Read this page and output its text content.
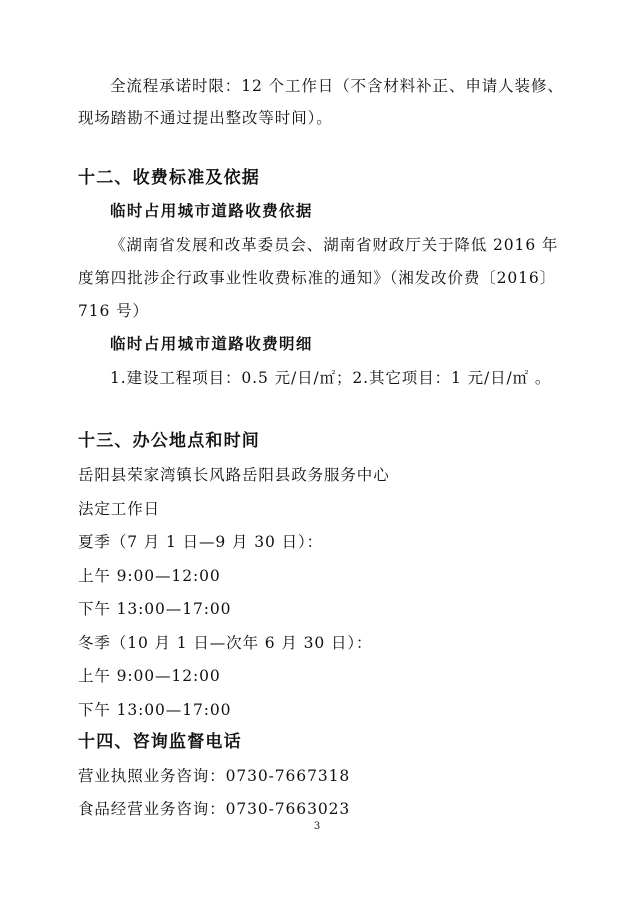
全流程承诺时限：12 个工作日（不含材料补正、申请人装修、
现场踏勘不通过提出整改等时间）。
十二、收费标准及依据
临时占用城市道路收费依据
《湖南省发展和改革委员会、湖南省财政厅关于降低 2016 年
度第四批涉企行政事业性收费标准的通知》（湘发改价费〔2016〕
716 号）
临时占用城市道路收费明细
1.建设工程项目：0.5 元/日/㎡；2.其它项目：1 元/日/㎡ 。
十三、办公地点和时间
岳阳县荣家湾镇长风路岳阳县政务服务中心
法定工作日
夏季（7 月 1 日—9 月 30 日）：
上午 9:00—12:00
下午 13:00—17:00
冬季（10 月 1 日—次年 6 月 30 日）：
上午 9:00—12:00
下午 13:00—17:00
十四、咨询监督电话
营业执照业务咨询：0730-7667318
食品经营业务咨询：0730-7663023
3
